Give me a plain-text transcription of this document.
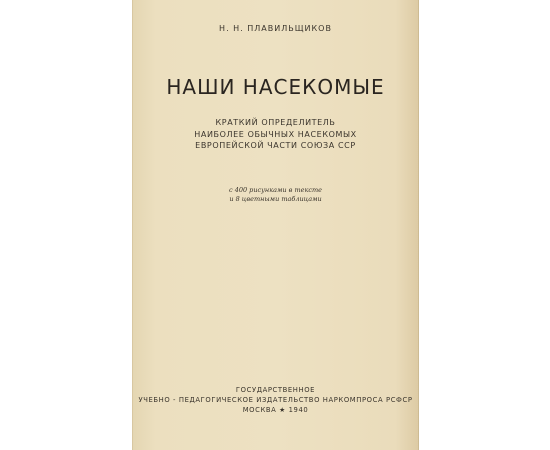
Н. Н. ПЛАВИЛЬЩИКОВ
НАШИ НАСЕКОМЫЕ
КРАТКИЙ ОПРЕДЕЛИТЕЛЬ
НАИБОЛЕЕ ОБЫЧНЫХ НАСЕКОМЫХ
ЕВРОПЕЙСКОЙ ЧАСТИ СОЮЗА ССР
с 400 рисунками в тексте
и 8 цветными таблицами
ГОСУДАРСТВЕННОЕ
УЧЕБНО - ПЕДАГОГИЧЕСКОЕ ИЗДАТЕЛЬСТВО НАРКОМПРОСА РСФСР
МОСКВА ★ 1940
